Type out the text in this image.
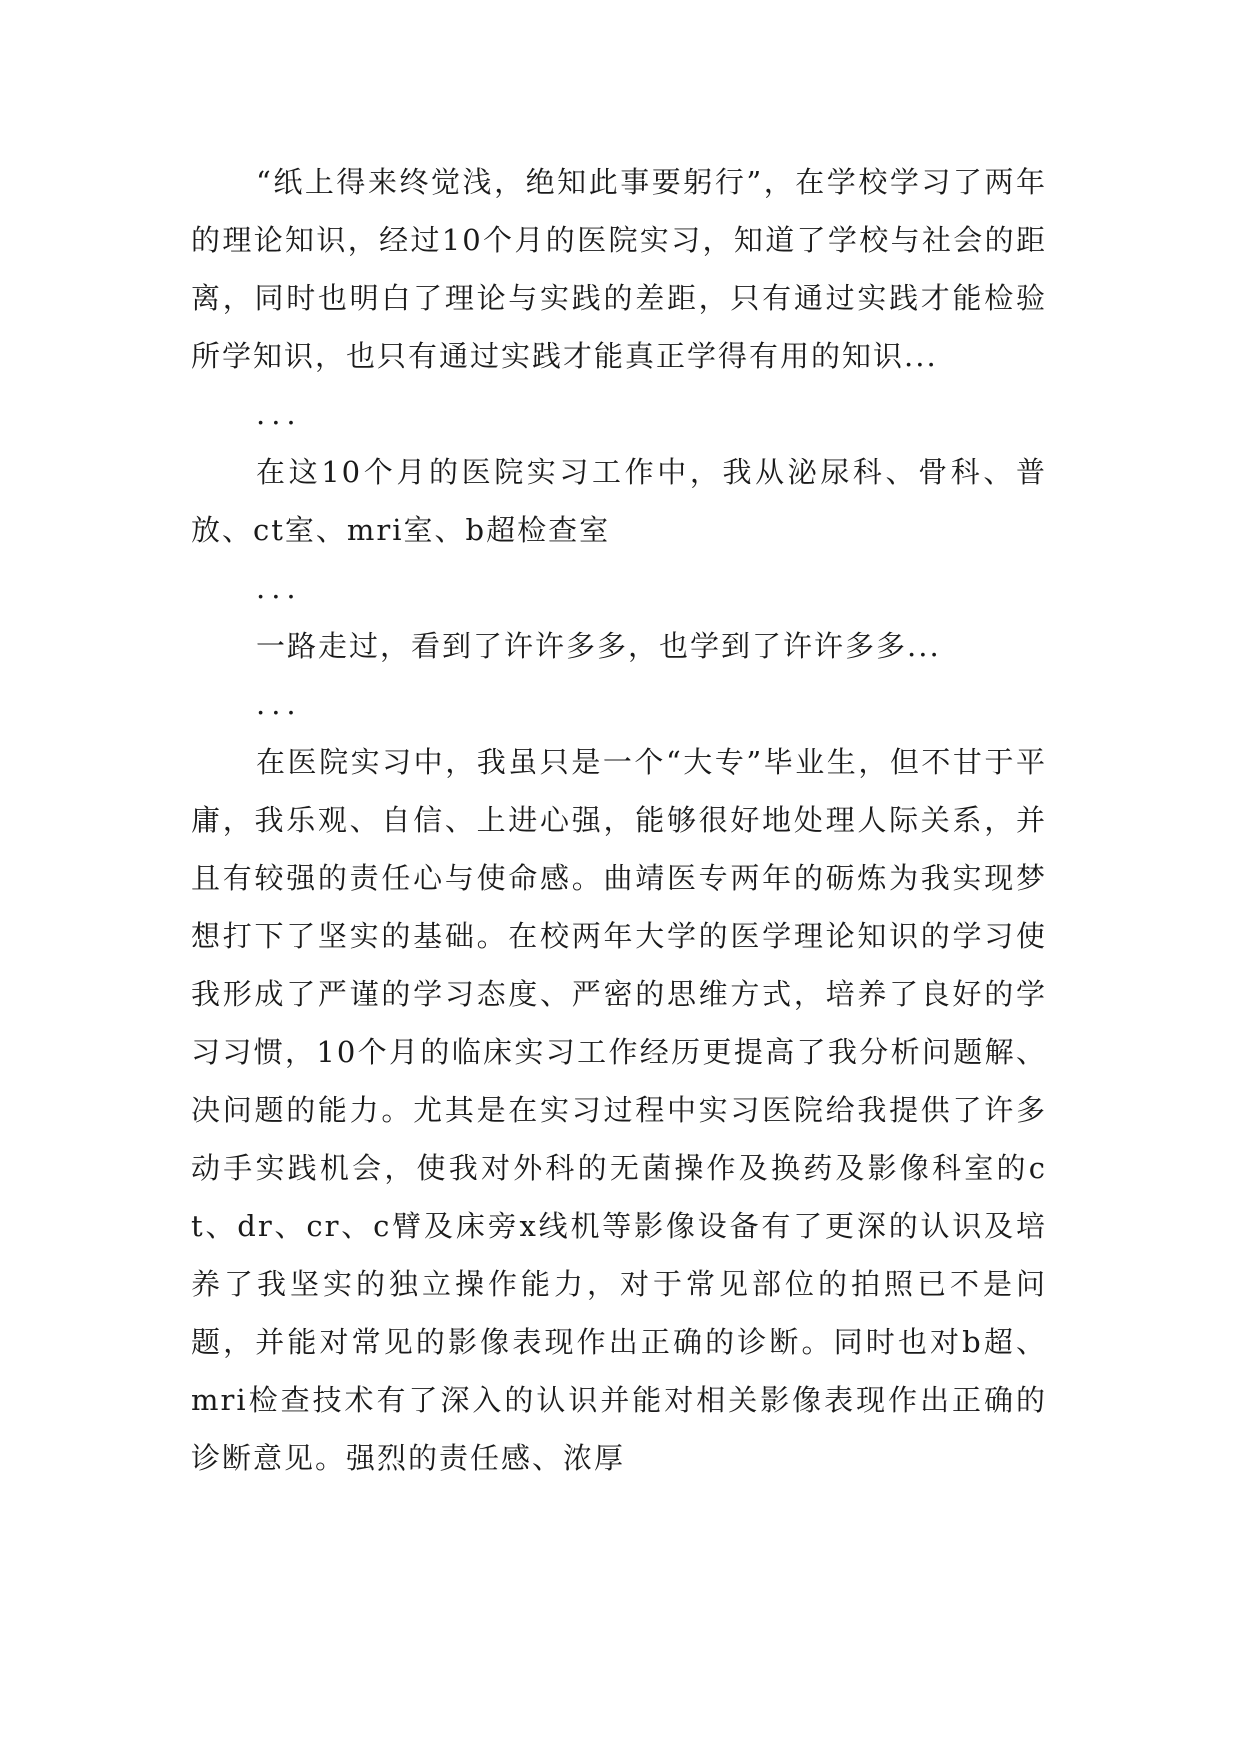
“纸上得来终觉浅，绝知此事要躬行”，在学校学习了两年的理论知识，经过10个月的医院实习，知道了学校与社会的距离，同时也明白了理论与实践的差距，只有通过实践才能检验所学知识，也只有通过实践才能真正学得有用的知识...

...

在这10个月的医院实习工作中，我从泌尿科、骨科、普放、ct室、mri室、b超检查室

...

一路走过，看到了许许多多，也学到了许许多多...

...

在医院实习中，我虽只是一个“大专”毕业生，但不甘于平庸，我乐观、自信、上进心强，能够很好地处理人际关系，并且有较强的责任心与使命感。曲靖医专两年的砺炼为我实现梦想打下了坚实的基础。在校两年大学的医学理论知识的学习使我形成了严谨的学习态度、严密的思维方式，培养了良好的学习习惯，10个月的临床实习工作经历更提高了我分析问题解、决问题的能力。尤其是在实习过程中实习医院给我提供了许多动手实践机会，使我对外科的无菌操作及换药及影像科室的ct、dr、cr、c臂及床旁x线机等影像设备有了更深的认识及培养了我坚实的独立操作能力，对于常见部位的拍照已不是问题，并能对常见的影像表现作出正确的诊断。同时也对b超、mri检查技术有了深入的认识并能对相关影像表现作出正确的诊断意见。强烈的责任感、浓厚
